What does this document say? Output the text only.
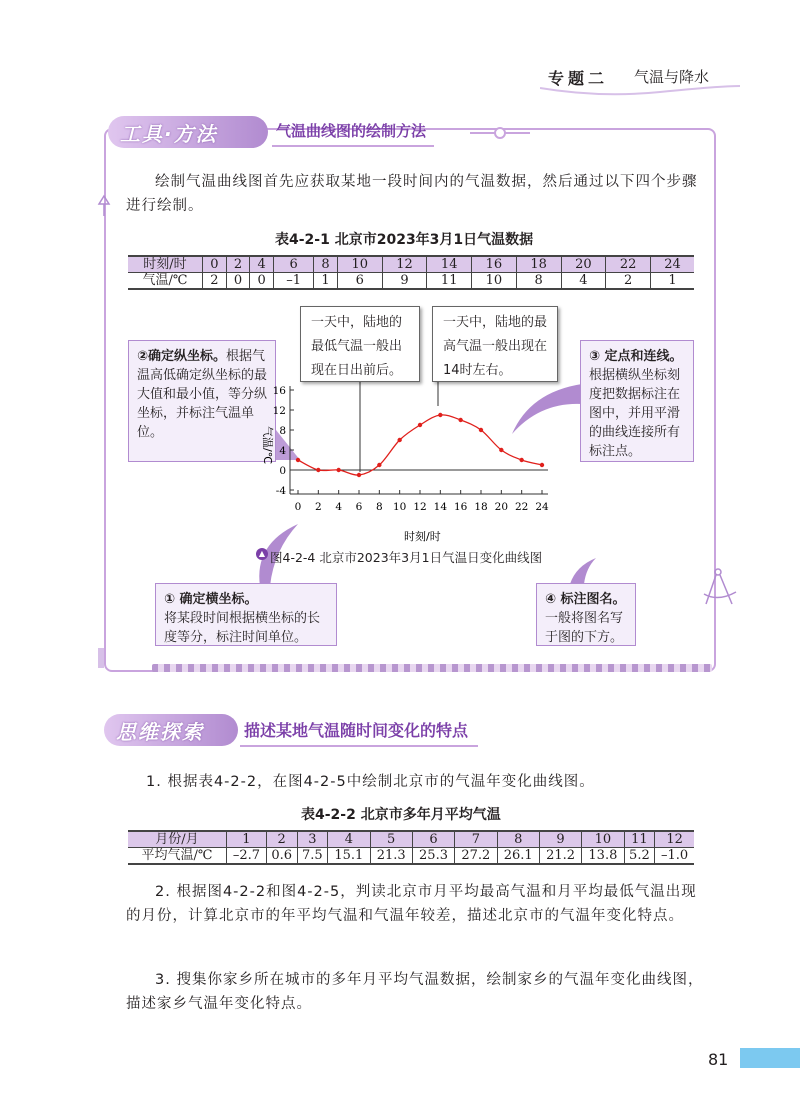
专题二 气温与降水
工具·方法	气温曲线图的绘制方法
绘制气温曲线图首先应获取某地一段时间内的气温数据，然后通过以下四个步骤进行绘制。
表4-2-1 北京市2023年3月1日气温数据
时刻/时	0	2	4	6	8	10	12	14	16	18	20	22	24
气温/℃	2	0	0	–1	1	6	9	11	10	8	4	2	1
一天中，陆地的最低气温一般出现在日出前后。
一天中，陆地的最高气温一般出现在14时左右。
②确定纵坐标。根据气温高低确定纵坐标的最大值和最小值，等分纵坐标，并标注气温单位。
③ 定点和连线。根据横纵坐标刻度把数据标注在图中，并用平滑的曲线连接所有标注点。
① 确定横坐标。
将某段时间根据横坐标的长度等分，标注时间单位。
④ 标注图名。
一般将图名写于图的下方。
-4
0
4
8
12
16
0 2 4 6 8 10 12 14 16 18 20 22 24
气温/℃
时刻/时
▲ 图4-2-4 北京市2023年3月1日气温日变化曲线图
思维探索	描述某地气温随时间变化的特点
1. 根据表4-2-2，在图4-2-5中绘制北京市的气温年变化曲线图。
表4-2-2 北京市多年月平均气温
月份/月	1	2	3	4	5	6	7	8	9	10	11	12
平均气温/℃	–2.7	0.6	7.5	15.1	21.3	25.3	27.2	26.1	21.2	13.8	5.2	–1.0
2. 根据图4-2-2和图4-2-5，判读北京市月平均最高气温和月平均最低气温出现的月份，计算北京市的年平均气温和气温年较差，描述北京市的气温年变化特点。
3. 搜集你家乡所在城市的多年月平均气温数据，绘制家乡的气温年变化曲线图，描述家乡气温年变化特点。
81
